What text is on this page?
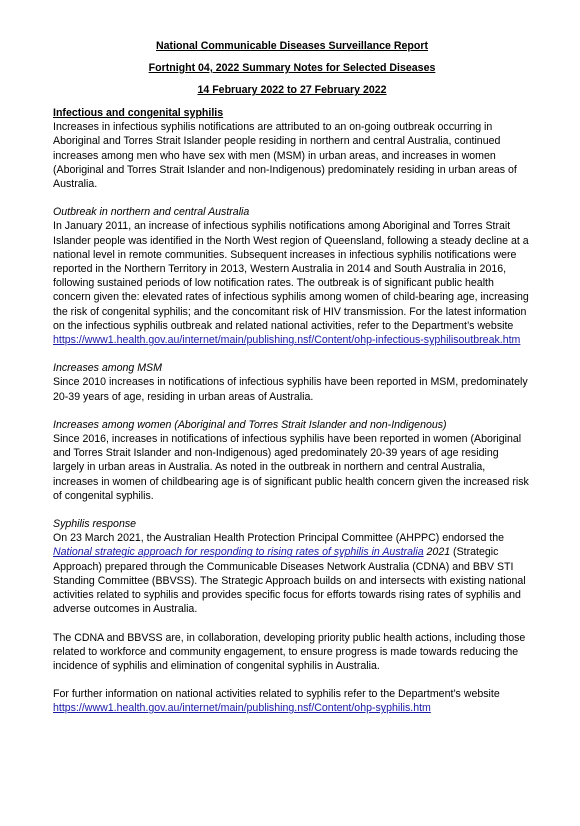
National Communicable Diseases Surveillance Report

Fortnight 04, 2022 Summary Notes for Selected Diseases

14 February 2022 to 27 February 2022

Infectious and congenital syphilis

Increases in infectious syphilis notifications are attributed to an on-going outbreak occurring in Aboriginal and Torres Strait Islander people residing in northern and central Australia, continued increases among men who have sex with men (MSM) in urban areas, and increases in women (Aboriginal and Torres Strait Islander and non-Indigenous) predominately residing in urban areas of Australia.

Outbreak in northern and central Australia

In January 2011, an increase of infectious syphilis notifications among Aboriginal and Torres Strait Islander people was identified in the North West region of Queensland, following a steady decline at a national level in remote communities. Subsequent increases in infectious syphilis notifications were reported in the Northern Territory in 2013, Western Australia in 2014 and South Australia in 2016, following sustained periods of low notification rates. The outbreak is of significant public health concern given the: elevated rates of infectious syphilis among women of child-bearing age, increasing the risk of congenital syphilis; and the concomitant risk of HIV transmission. For the latest information on the infectious syphilis outbreak and related national activities, refer to the Department’s website https://www1.health.gov.au/internet/main/publishing.nsf/Content/ohp-infectious-syphilisoutbreak.htm

Increases among MSM

Since 2010 increases in notifications of infectious syphilis have been reported in MSM, predominately 20-39 years of age, residing in urban areas of Australia.

Increases among women (Aboriginal and Torres Strait Islander and non-Indigenous)

Since 2016, increases in notifications of infectious syphilis have been reported in women (Aboriginal and Torres Strait Islander and non-Indigenous) aged predominately 20-39 years of age residing largely in urban areas in Australia. As noted in the outbreak in northern and central Australia, increases in women of childbearing age is of significant public health concern given the increased risk of congenital syphilis.

Syphilis response

On 23 March 2021, the Australian Health Protection Principal Committee (AHPPC) endorsed the National strategic approach for responding to rising rates of syphilis in Australia 2021 (Strategic Approach) prepared through the Communicable Diseases Network Australia (CDNA) and BBV STI Standing Committee (BBVSS). The Strategic Approach builds on and intersects with existing national activities related to syphilis and provides specific focus for efforts towards rising rates of syphilis and adverse outcomes in Australia.

The CDNA and BBVSS are, in collaboration, developing priority public health actions, including those related to workforce and community engagement, to ensure progress is made towards reducing the incidence of syphilis and elimination of congenital syphilis in Australia.

For further information on national activities related to syphilis refer to the Department’s website

https://www1.health.gov.au/internet/main/publishing.nsf/Content/ohp-syphilis.htm
